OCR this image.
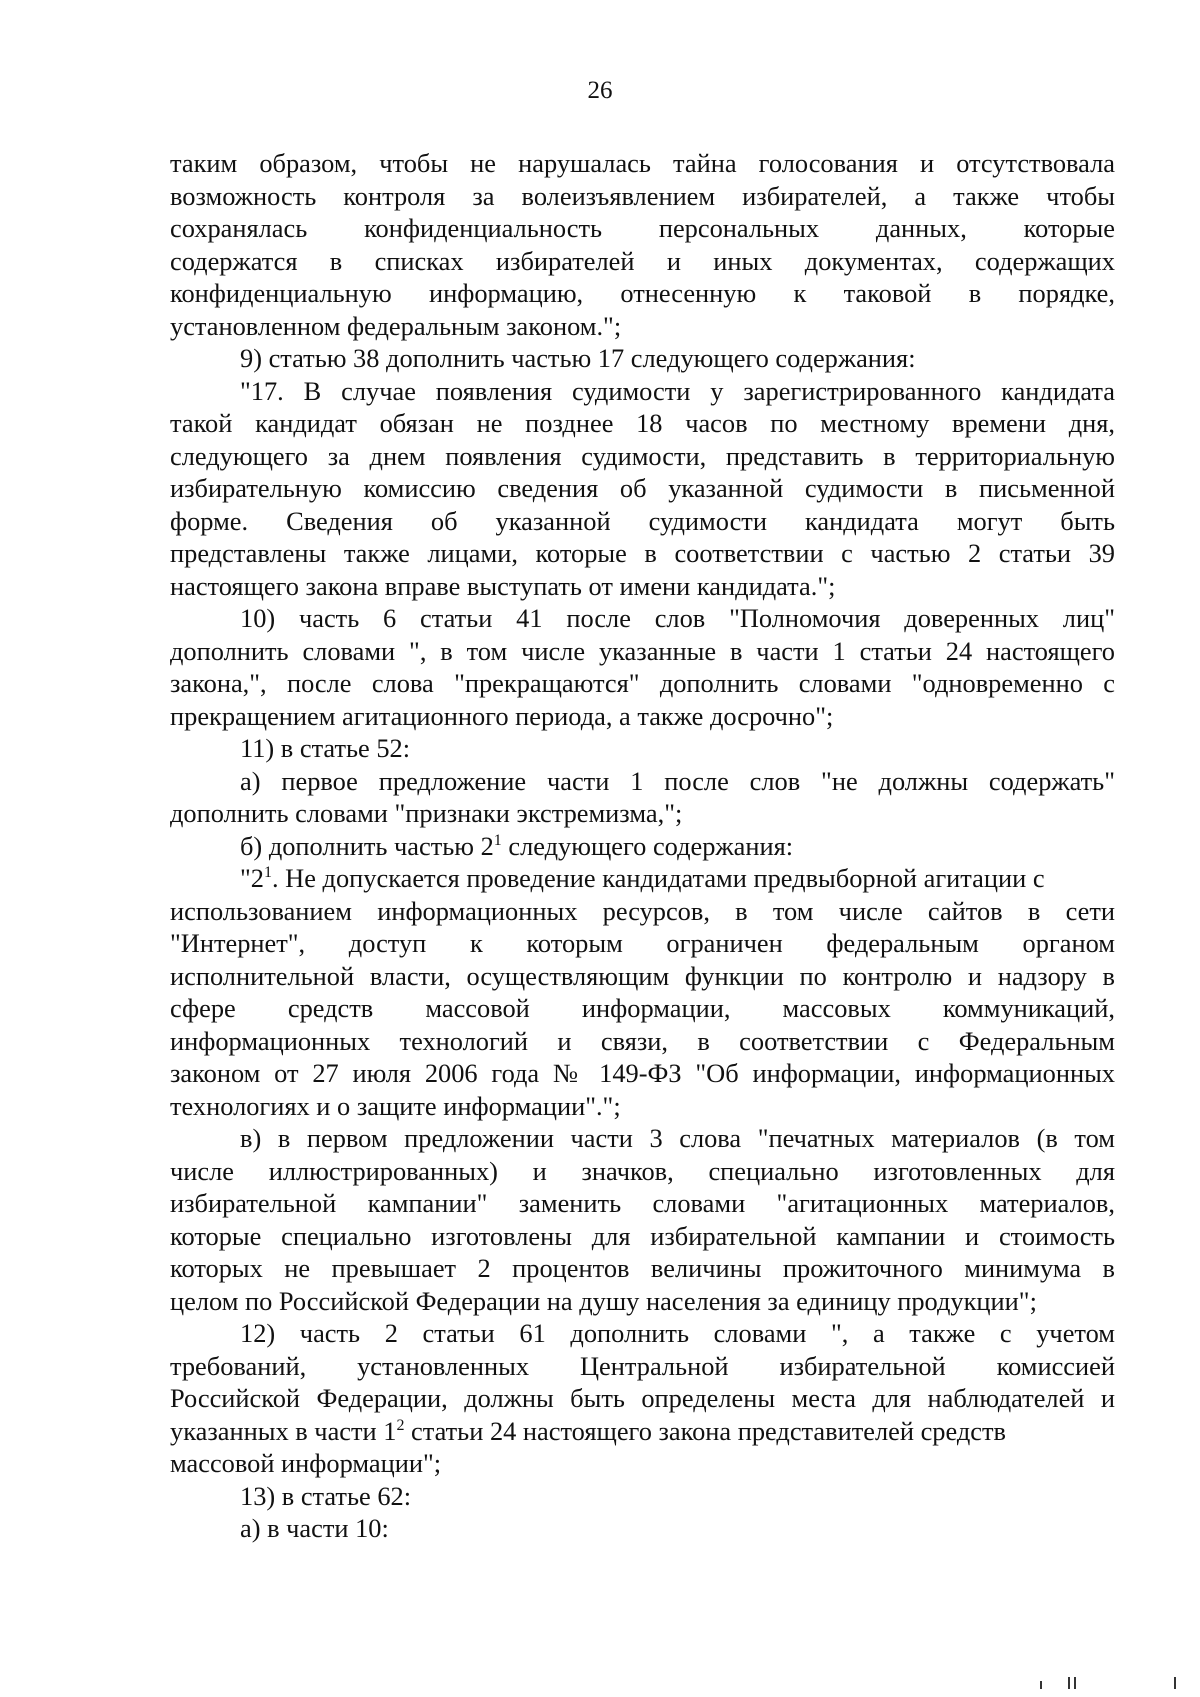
26
таким образом, чтобы не нарушалась тайна голосования и отсутствовала
возможность контроля за волеизъявлением избирателей, а также чтобы
сохранялась конфиденциальность персональных данных, которые
содержатся в списках избирателей и иных документах, содержащих
конфиденциальную информацию, отнесенную к таковой в порядке,
установленном федеральным законом.";
9) статью 38 дополнить частью 17 следующего содержания:
"17. В случае появления судимости у зарегистрированного кандидата
такой кандидат обязан не позднее 18 часов по местному времени дня,
следующего за днем появления судимости, представить в территориальную
избирательную комиссию сведения об указанной судимости в письменной
форме. Сведения об указанной судимости кандидата могут быть
представлены также лицами, которые в соответствии с частью 2 статьи 39
настоящего закона вправе выступать от имени кандидата.";
10) часть 6 статьи 41 после слов "Полномочия доверенных лиц"
дополнить словами ", в том числе указанные в части 1 статьи 24 настоящего
закона,", после слова "прекращаются" дополнить словами "одновременно с
прекращением агитационного периода, а также досрочно";
11) в статье 52:
а) первое предложение части 1 после слов "не должны содержать"
дополнить словами "признаки экстремизма,";
б) дополнить частью $2^1$ следующего содержания:
"$2^1$. Не допускается проведение кандидатами предвыборной агитации с
использованием информационных ресурсов, в том числе сайтов в сети
"Интернет", доступ к которым ограничен федеральным органом
исполнительной власти, осуществляющим функции по контролю и надзору в
сфере средств массовой информации, массовых коммуникаций,
информационных технологий и связи, в соответствии с Федеральным
законом от 27 июля 2006 года № 149-ФЗ "Об информации, информационных
технологиях и о защите информации".";
в) в первом предложении части 3 слова "печатных материалов (в том
числе иллюстрированных) и значков, специально изготовленных для
избирательной кампании" заменить словами "агитационных материалов,
которые специально изготовлены для избирательной кампании и стоимость
которых не превышает 2 процентов величины прожиточного минимума в
целом по Российской Федерации на душу населения за единицу продукции";
12) часть 2 статьи 61 дополнить словами ", а также с учетом
требований, установленных Центральной избирательной комиссией
Российской Федерации, должны быть определены места для наблюдателей и
указанных в части $1^2$ статьи 24 настоящего закона представителей средств
массовой информации";
13) в статье 62:
а) в части 10:
